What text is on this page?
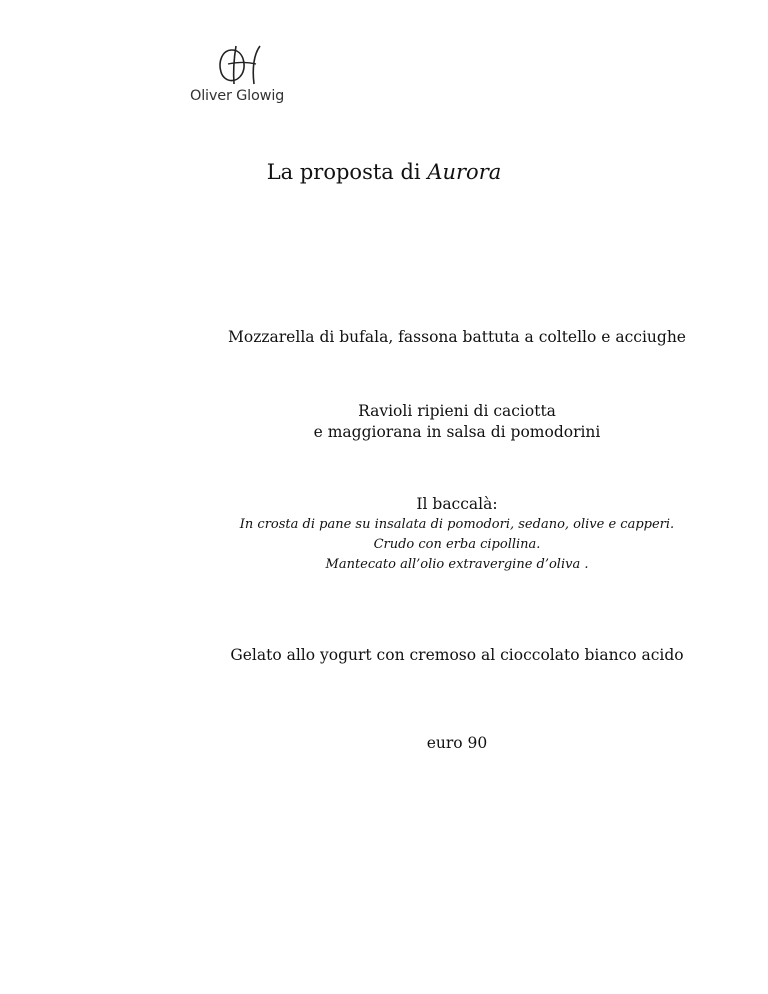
Oliver Glowig
La proposta di Aurora
Mozzarella di bufala, fassona battuta a coltello e acciughe
Ravioli ripieni di caciotta
e maggiorana in salsa di pomodorini
Il baccalà:
In crosta di pane su insalata di pomodori, sedano, olive e capperi.
Crudo con erba cipollina.
Mantecato all’olio extravergine d’oliva .
Gelato allo yogurt con cremoso al cioccolato bianco acido
euro 90
